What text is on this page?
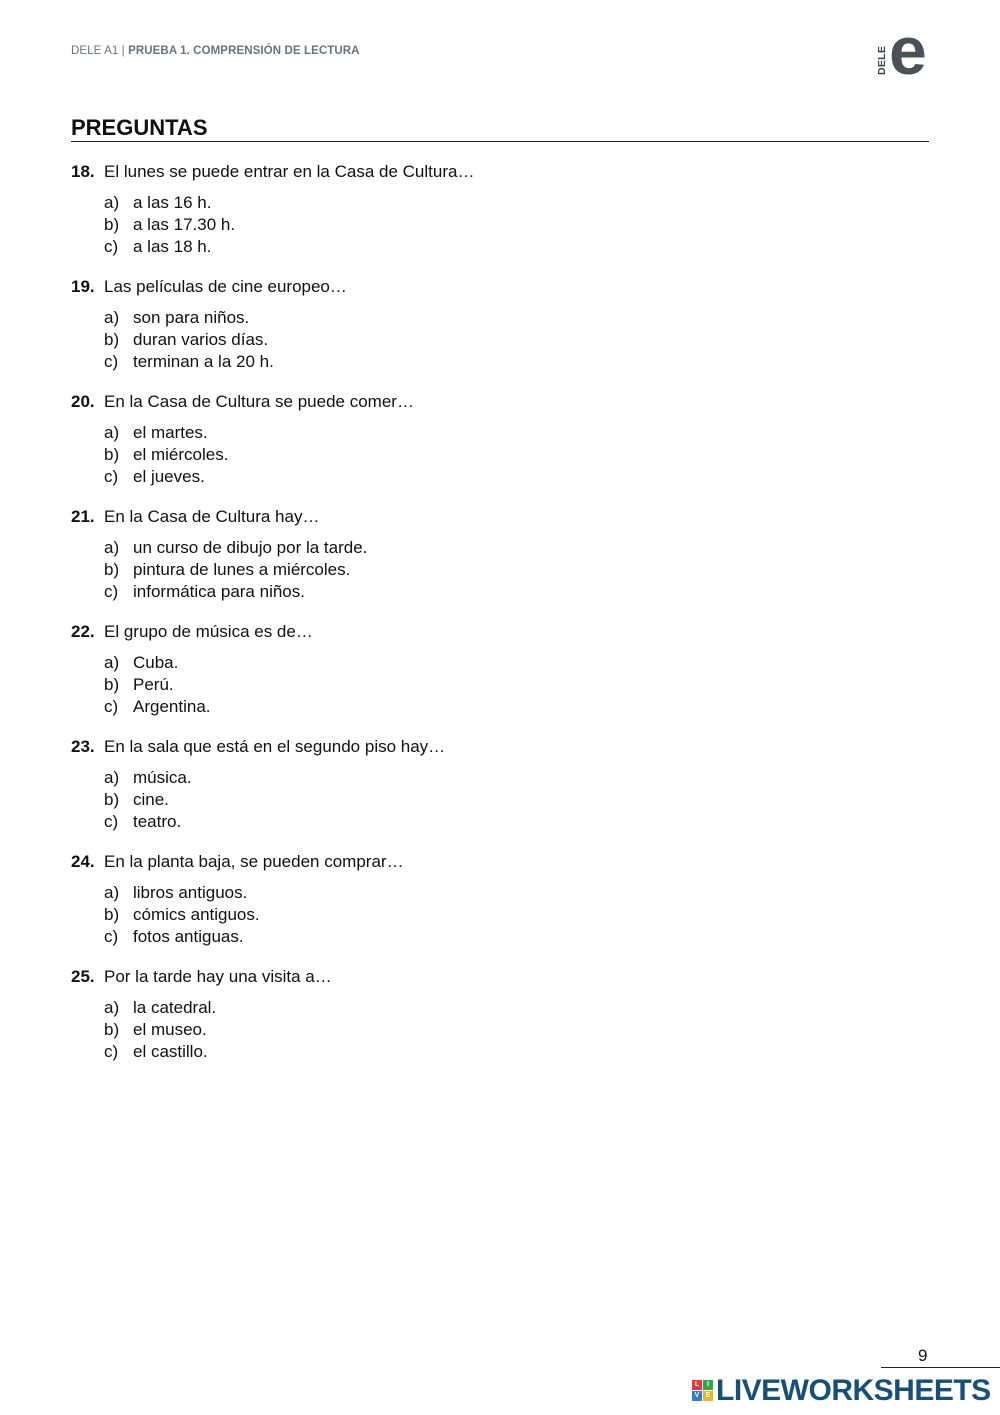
DELE A1 | PRUEBA 1. COMPRENSIÓN DE LECTURA	DELE e
PREGUNTAS
18. El lunes se puede entrar en la Casa de Cultura…
a) a las 16 h.
b) a las 17.30 h.
c) a las 18 h.
19. Las películas de cine europeo…
a) son para niños.
b) duran varios días.
c) terminan a la 20 h.
20. En la Casa de Cultura se puede comer…
a) el martes.
b) el miércoles.
c) el jueves.
21. En la Casa de Cultura hay…
a) un curso de dibujo por la tarde.
b) pintura de lunes a miércoles.
c) informática para niños.
22. El grupo de música es de…
a) Cuba.
b) Perú.
c) Argentina.
23. En la sala que está en el segundo piso hay…
a) música.
b) cine.
c) teatro.
24. En la planta baja, se pueden comprar…
a) libros antiguos.
b) cómics antiguos.
c) fotos antiguas.
25. Por la tarde hay una visita a…
a) la catedral.
b) el museo.
c) el castillo.
9
L	I
V E LIVEWORKSHEETS
